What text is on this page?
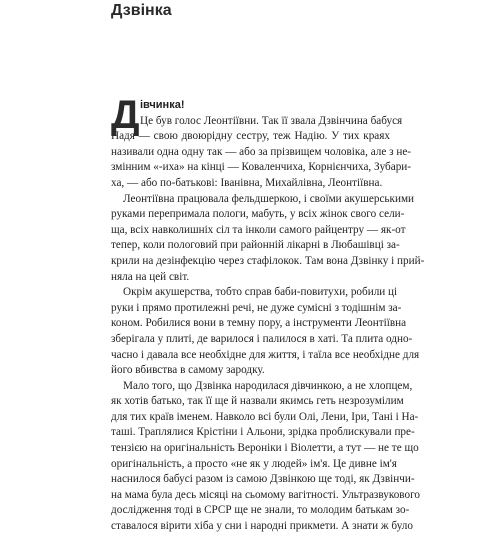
Дзвінка
Д івчинка!
Це був голос Леонтіївни. Так її звала Дзвінчина бабуся
Надя — свою двоюрідну сестру, теж Надію. У тих краях
називали одна одну так — або за прізвищем чоловіка, але з не-
змінним «-иха» на кінці — Коваленчиха, Корнієнчиха, Зубари-
ха, — або по-батькові: Іванівна, Михайлівна, Леонтіївна.
Леонтіївна працювала фельдшеркою, і своїми акушерськими
руками перепримала пологи, мабуть, у всіх жінок свого сели-
ща, всіх навколишніх сіл та інколи самого райцентру — як-от
тепер, коли пологовий при районній лікарні в Любашівці за-
крили на дезінфекцію через стафілокок. Там вона Дзвінку і прий-
няла на цей світ.
Окрім акушерства, тобто справ баби-повитухи, робили ці
руки і прямо протилежні речі, не дуже сумісні з тодішнім за-
коном. Робилися вони в темну пору, а інструменти Леонтіївна
зберігала у плиті, де варилося і палилося в хаті. Та плита одно-
часно і давала все необхідне для життя, і таїла все необхідне для
його вбивства в самому зародку.
Мало того, що Дзвінка народилася дівчинкою, а не хлопцем,
як хотів батько, так її ще й назвали якимсь геть незрозумілим
для тих країв іменем. Навколо всі були Олі, Лени, Іри, Тані і На-
таші. Траплялися Крістіни і Альони, зрідка проблискували пре-
тензією на оригінальність Вероніки і Віолетти, а тут — не те що
оригінальність, а просто «не як у людей» ім'я. Це дивне ім'я
наснилося бабусі разом із самою Дзвінкою ще тоді, як Дзвінчи-
на мама була десь місяці на сьомому вагітності. Ультразвукового
дослідження тоді в СРСР ще не знали, то молодим батькам зо-
ставалося вірити хіба у сни і народні прикмети. А знати ж було
